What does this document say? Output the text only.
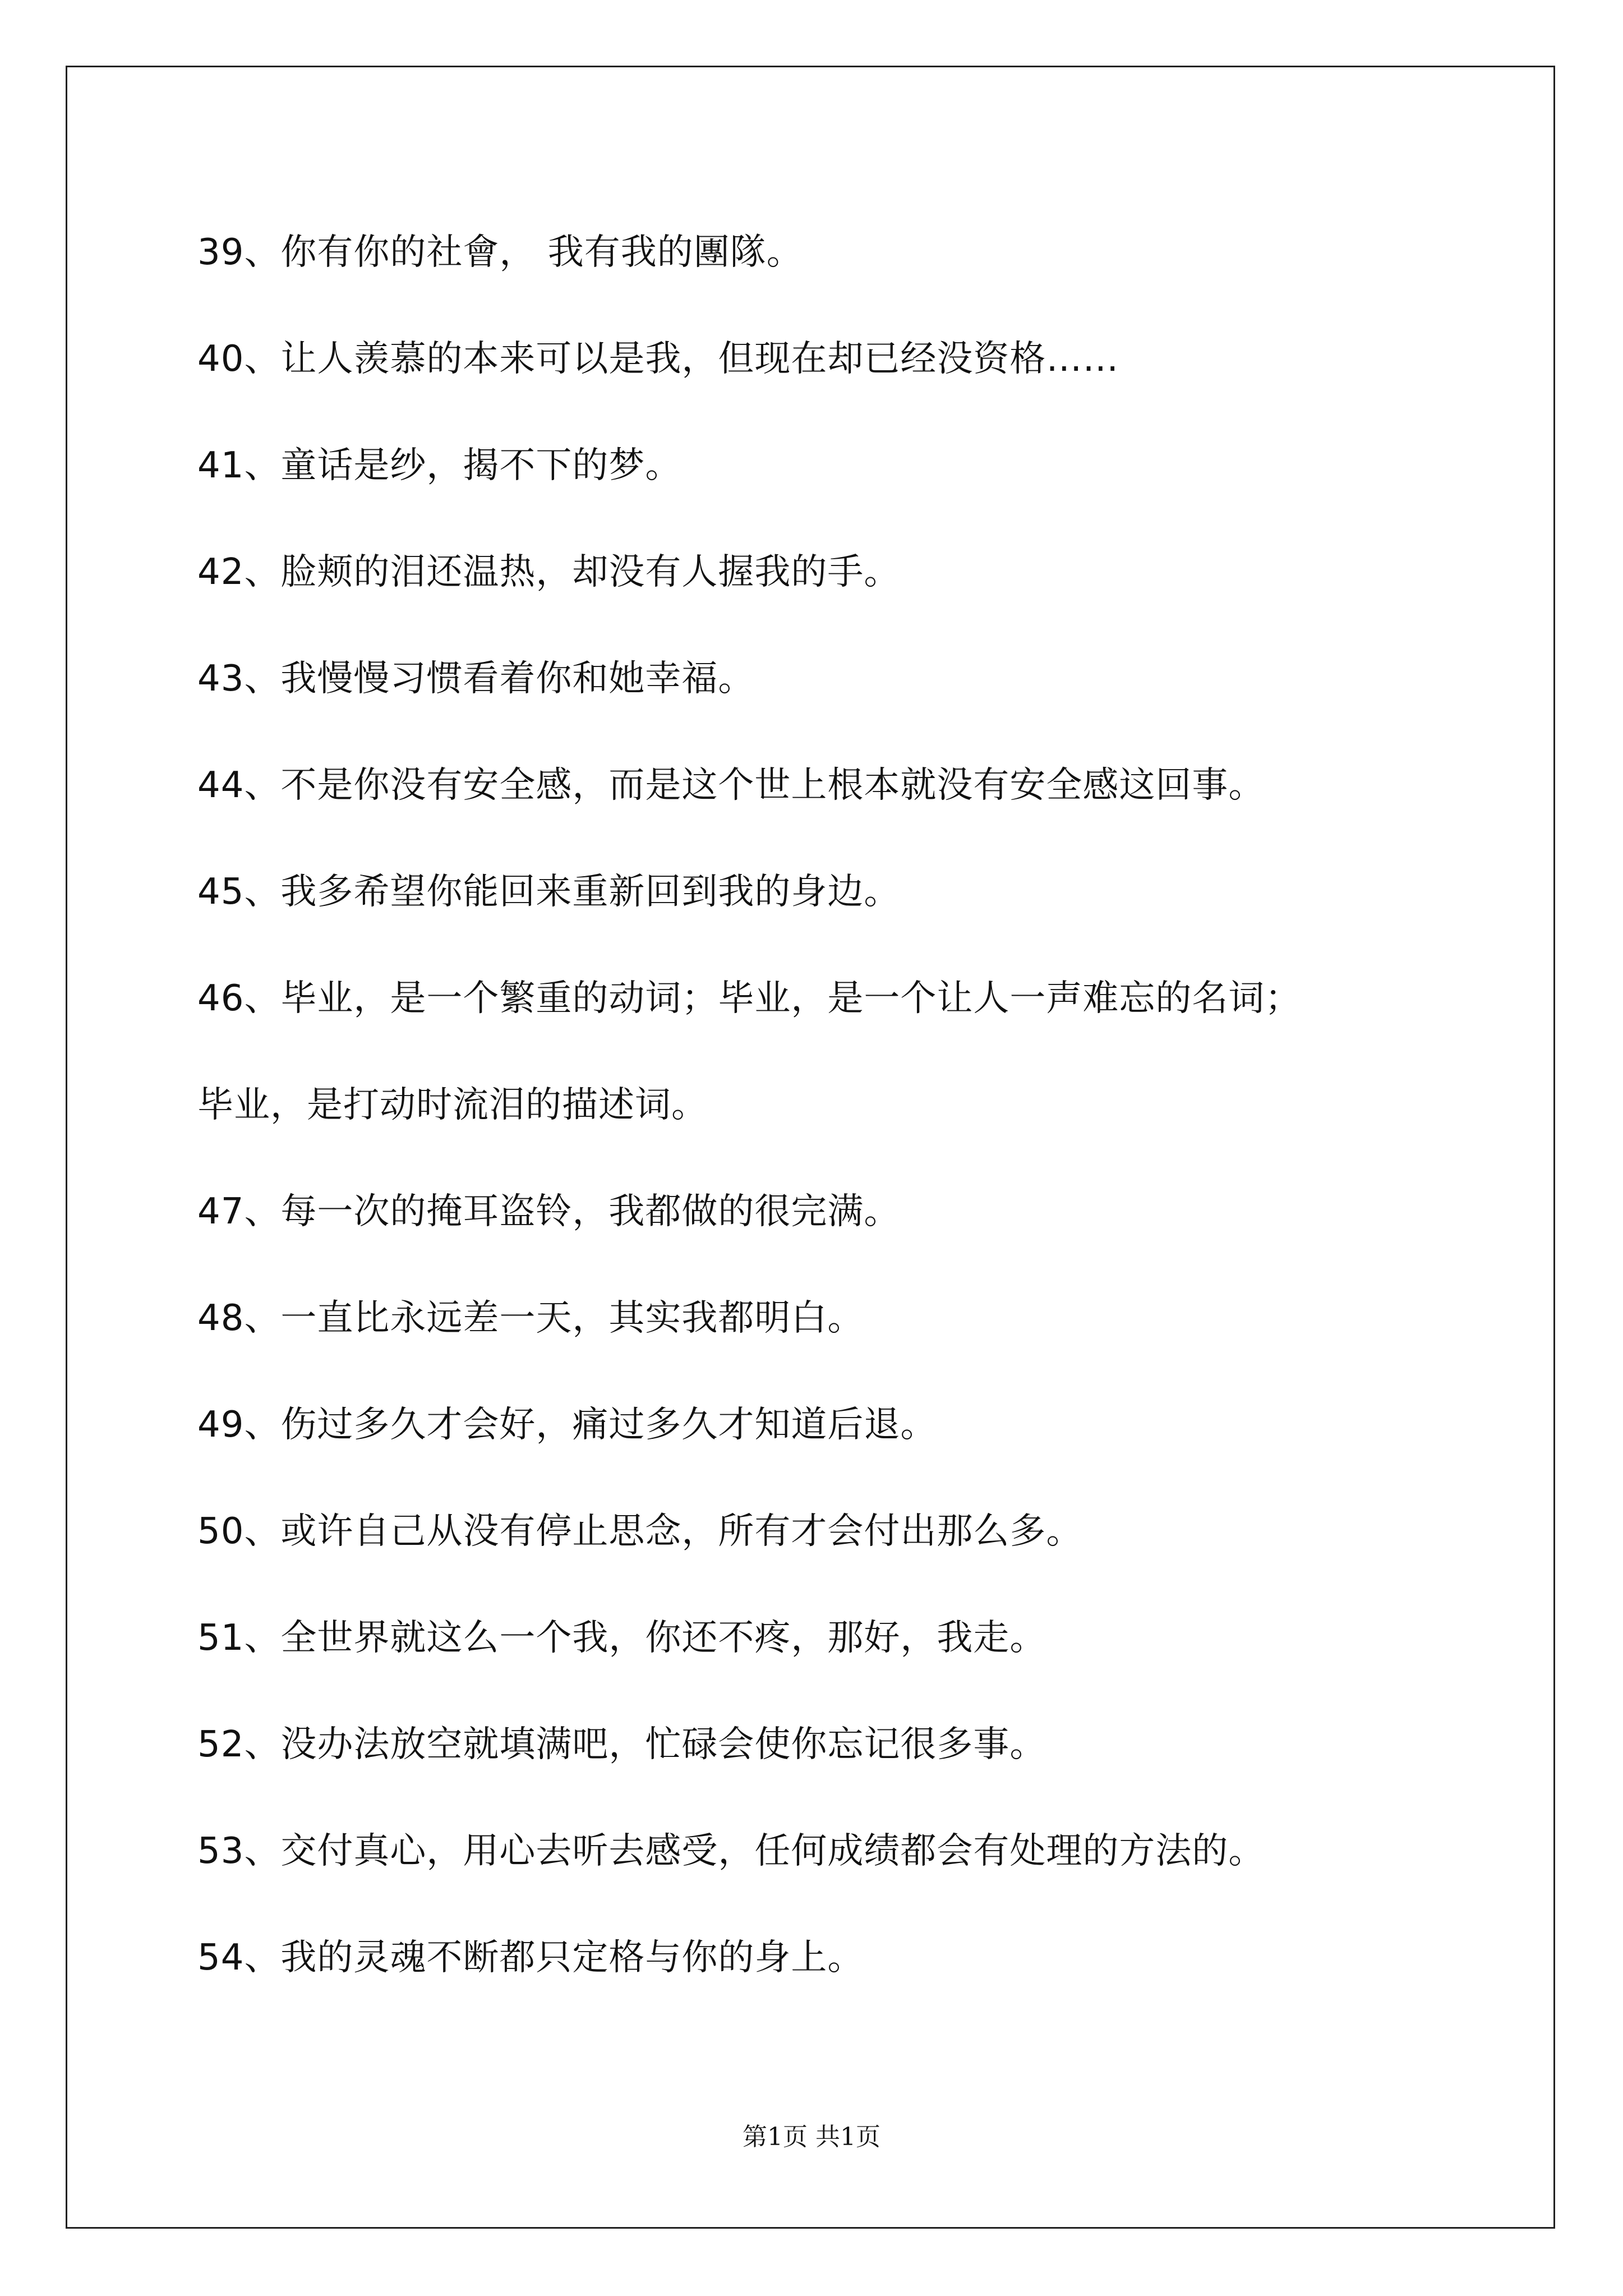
39、你有你的社會， 我有我的團隊。
40、让人羡慕的本来可以是我，但现在却已经没资格……
41、童话是纱，揭不下的梦。
42、脸颊的泪还温热，却没有人握我的手。
43、我慢慢习惯看着你和她幸福。
44、不是你没有安全感，而是这个世上根本就没有安全感这回事。
45、我多希望你能回来重新回到我的身边。
46、毕业，是一个繁重的动词；毕业，是一个让人一声难忘的名词；
毕业，是打动时流泪的描述词。
47、每一次的掩耳盗铃，我都做的很完满。
48、一直比永远差一天，其实我都明白。
49、伤过多久才会好，痛过多久才知道后退。
50、或许自己从没有停止思念，所有才会付出那么多。
51、全世界就这么一个我，你还不疼，那好，我走。
52、没办法放空就填满吧，忙碌会使你忘记很多事。
53、交付真心，用心去听去感受，任何成绩都会有处理的方法的。
54、我的灵魂不断都只定格与你的身上。
第1页 共1页
